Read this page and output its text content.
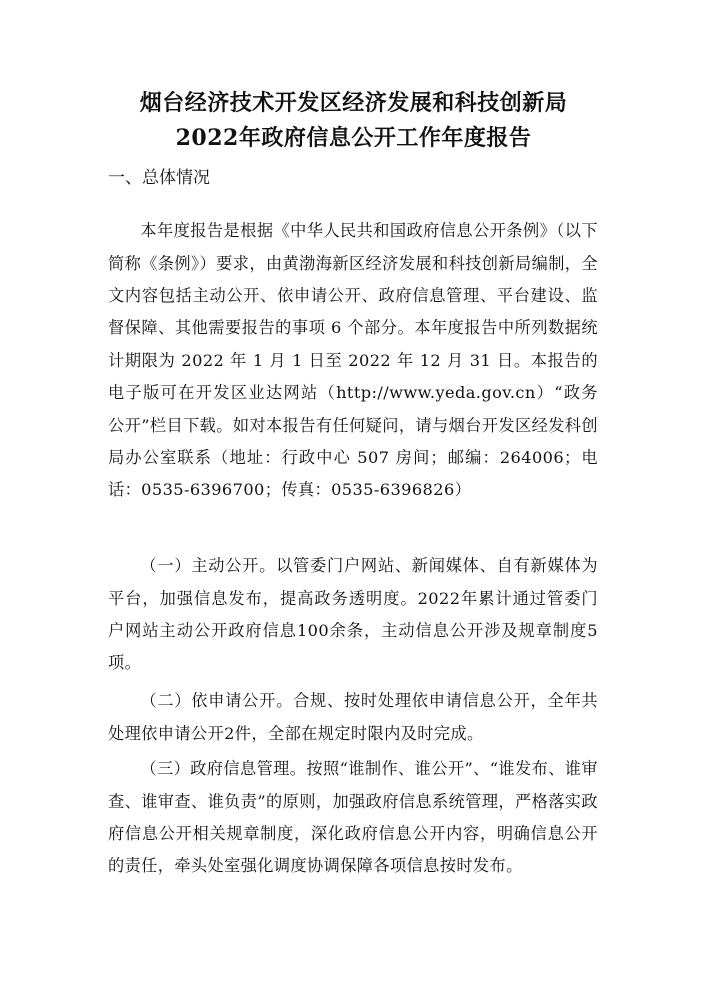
烟台经济技术开发区经济发展和科技创新局
2022年政府信息公开工作年度报告
一、总体情况

本年度报告是根据《中华人民共和国政府信息公开条例》（以下简称《条例》）要求，由黄渤海新区经济发展和科技创新局编制，全文内容包括主动公开、依申请公开、政府信息管理、平台建设、监督保障、其他需要报告的事项 6 个部分。本年度报告中所列数据统计期限为 2022 年 1 月 1 日至 2022 年 12 月 31 日。本报告的电子版可在开发区业达网站（http://www.yeda.gov.cn）“政务公开”栏目下载。如对本报告有任何疑问，请与烟台开发区经发科创局办公室联系（地址：行政中心 507 房间；邮编：264006；电话：0535-6396700；传真：0535-6396826）

（一）主动公开。以管委门户网站、新闻媒体、自有新媒体为平台，加强信息发布，提高政务透明度。2022年累计通过管委门户网站主动公开政府信息100余条，主动信息公开涉及规章制度5项。

（二）依申请公开。合规、按时处理依申请信息公开，全年共处理依申请公开2件，全部在规定时限内及时完成。

（三）政府信息管理。按照“谁制作、谁公开”、“谁发布、谁审查、谁审查、谁负责”的原则，加强政府信息系统管理，严格落实政府信息公开相关规章制度，深化政府信息公开内容，明确信息公开的责任，牵头处室强化调度协调保障各项信息按时发布。
